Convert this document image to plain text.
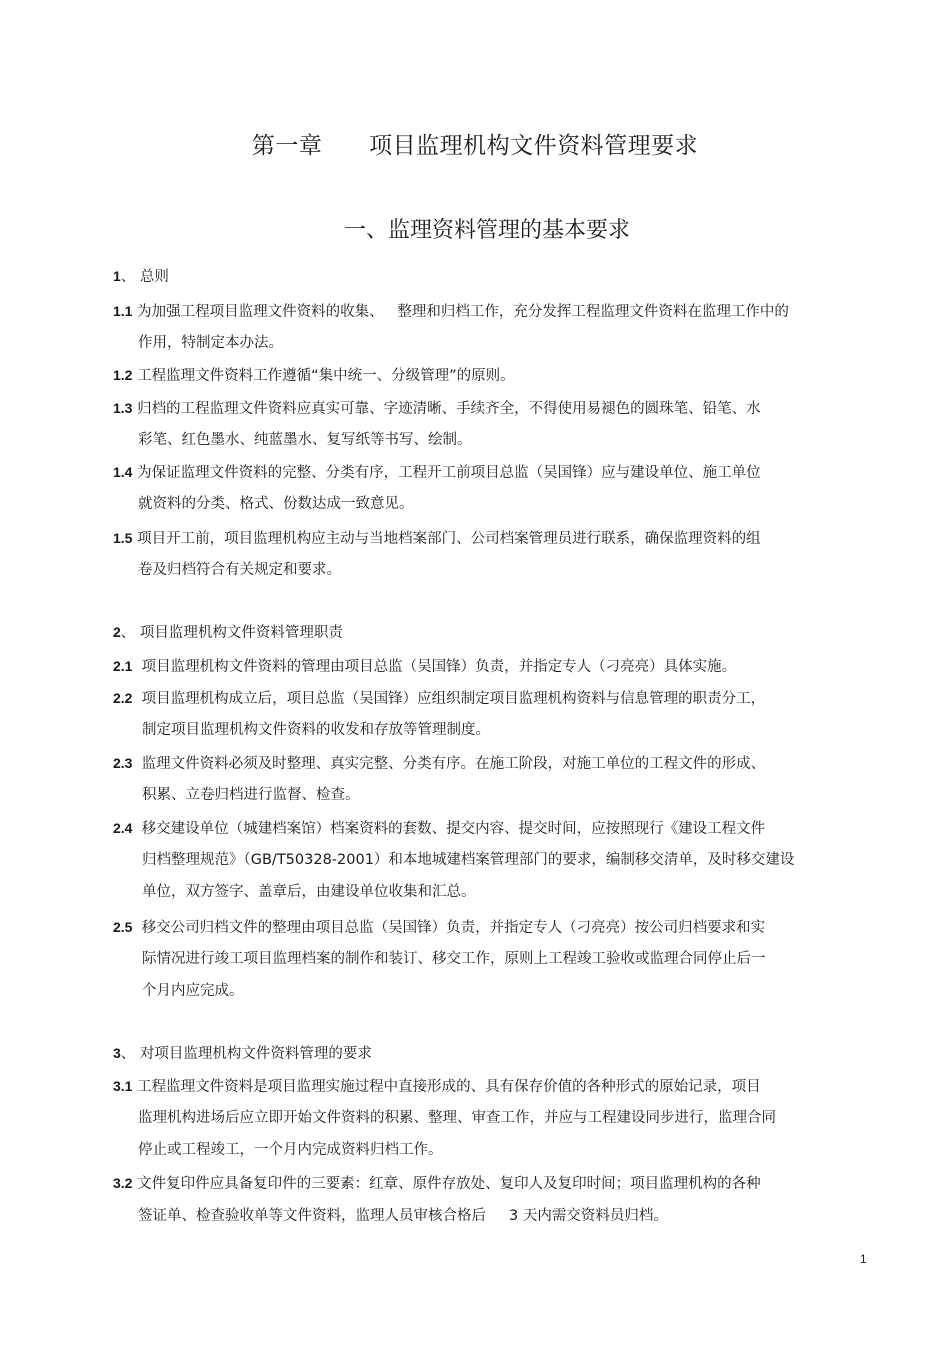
第一章      项目监理机构文件资料管理要求
一、监理资料管理的基本要求
1、 总则
1.1 为加强工程项目监理文件资料的收集、   整理和归档工作，充分发挥工程监理文件资料在监理工作中的
作用，特制定本办法。
1.2 工程监理文件资料工作遵循“集中统一、分级管理”的原则。
1.3 归档的工程监理文件资料应真实可靠、字迹清晰、手续齐全，不得使用易褪色的圆珠笔、铅笔、水
彩笔、红色墨水、纯蓝墨水、复写纸等书写、绘制。
1.4 为保证监理文件资料的完整、分类有序，工程开工前项目总监（吴国锋）应与建设单位、施工单位
就资料的分类、格式、份数达成一致意见。
1.5 项目开工前，项目监理机构应主动与当地档案部门、公司档案管理员进行联系，确保监理资料的组
卷及归档符合有关规定和要求。
2、 项目监理机构文件资料管理职责
2.1  项目监理机构文件资料的管理由项目总监（吴国锋）负责，并指定专人（刁亮亮）具体实施。
2.2  项目监理机构成立后，项目总监（吴国锋）应组织制定项目监理机构资料与信息管理的职责分工，
制定项目监理机构文件资料的收发和存放等管理制度。
2.3  监理文件资料必须及时整理、真实完整、分类有序。在施工阶段，对施工单位的工程文件的形成、
积累、立卷归档进行监督、检查。
2.4  移交建设单位（城建档案馆）档案资料的套数、提交内容、提交时间，应按照现行《建设工程文件
归档整理规范》（GB/T50328-2001）和本地城建档案管理部门的要求，编制移交清单，及时移交建设
单位，双方签字、盖章后，由建设单位收集和汇总。
2.5  移交公司归档文件的整理由项目总监（吴国锋）负责，并指定专人（刁亮亮）按公司归档要求和实
际情况进行竣工项目监理档案的制作和装订、移交工作，原则上工程竣工验收或监理合同停止后一
个月内应完成。
3、 对项目监理机构文件资料管理的要求
3.1 工程监理文件资料是项目监理实施过程中直接形成的、具有保存价值的各种形式的原始记录，项目
监理机构进场后应立即开始文件资料的积累、整理、审查工作，并应与工程建设同步进行，监理合同
停止或工程竣工，一个月内完成资料归档工作。
3.2 文件复印件应具备复印件的三要素：红章、原件存放处、复印人及复印时间；项目监理机构的各种
签证单、检查验收单等文件资料，监理人员审核合格后     3 天内需交资料员归档。
1
